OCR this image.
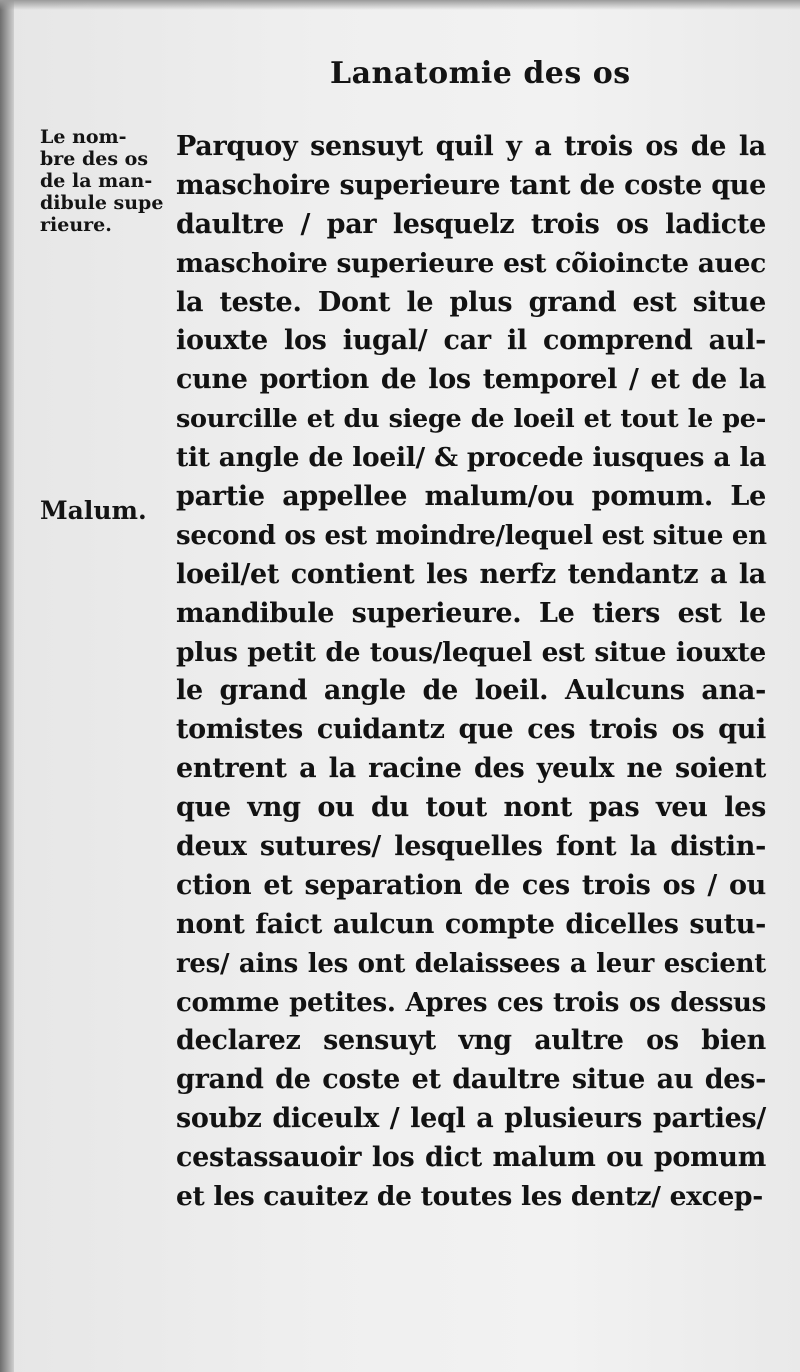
Lanatomie des os
Le nom-
bre des os
de la man-
dibule supe
rieure.
Malum.
Parquoy sensuyt quil y a trois os de la
maschoire superieure tant de coste que
daultre / par lesquelz trois os ladicte
maschoire superieure est cõioincte auec
la teste. Dont le plus grand est situe
iouxte los iugal/ car il comprend aul-
cune portion de los temporel / et de la
sourcille et du siege de loeil et tout le pe-
tit angle de loeil/ & procede iusques a la
partie appellee malum/ou pomum. Le
second os est moindre/lequel est situe en
loeil/et contient les nerfz tendantz a la
mandibule superieure. Le tiers est le
plus petit de tous/lequel est situe iouxte
le grand angle de loeil. Aulcuns ana-
tomistes cuidantz que ces trois os qui
entrent a la racine des yeulx ne soient
que vng ou du tout nont pas veu les
deux sutures/ lesquelles font la distin-
ction et separation de ces trois os / ou
nont faict aulcun compte dicelles sutu-
res/ ains les ont delaissees a leur escient
comme petites. Apres ces trois os dessus
declarez sensuyt vng aultre os bien
grand de coste et daultre situe au des-
soubz diceulx / leql a plusieurs parties/
cestassauoir los dict malum ou pomum
et les cauitez de toutes les dentz/ excep-
